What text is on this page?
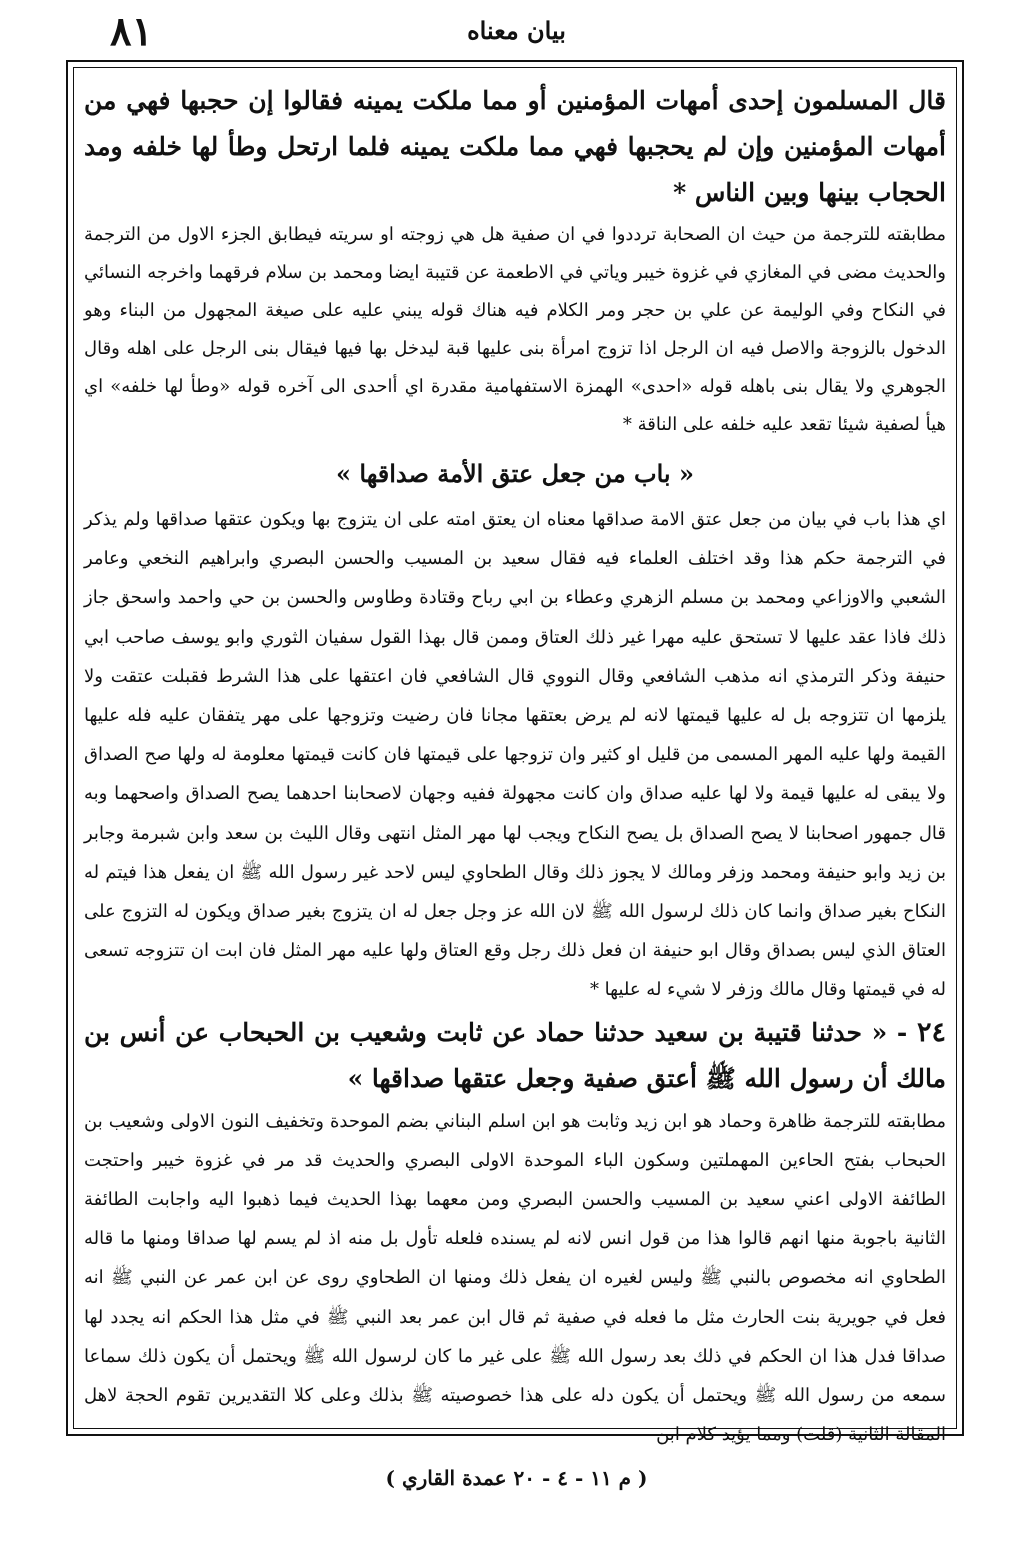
بيان معناه
٨١

قال المسلمون إحدى أمهات المؤمنين أو مما ملكت يمينه فقالوا إن حجبها فهي من أمهات المؤمنين وإن لم يحجبها فهي مما ملكت يمينه فلما ارتحل وطأ لها خلفه ومد الحجاب بينها وبين الناس *

مطابقته للترجمة من حيث ان الصحابة ترددوا في ان صفية هل هي زوجته او سريته فيطابق الجزء الاول من الترجمة والحديث مضى في المغازي في غزوة خيبر وياتي في الاطعمة عن قتيبة ايضا ومحمد بن سلام فرقهما واخرجه النسائي في النكاح وفي الوليمة عن علي بن حجر ومر الكلام فيه هناك قوله يبني عليه على صيغة المجهول من البناء وهو الدخول بالزوجة والاصل فيه ان الرجل اذا تزوج امرأة بنى عليها قبة ليدخل بها فيها فيقال بنى الرجل على اهله وقال الجوهري ولا يقال بنى باهله قوله «احدى» الهمزة الاستفهامية مقدرة اي أاحدى الى آخره قوله «وطأ لها خلفه» اي هيأ لصفية شيئا تقعد عليه خلفه على الناقة *

« باب من جعل عتق الأمة صداقها »

اي هذا باب في بيان من جعل عتق الامة صداقها معناه ان يعتق امته على ان يتزوج بها ويكون عتقها صداقها ولم يذكر في الترجمة حكم هذا وقد اختلف العلماء فيه فقال سعيد بن المسيب والحسن البصري وابراهيم النخعي وعامر الشعبي والاوزاعي ومحمد بن مسلم الزهري وعطاء بن ابي رباح وقتادة وطاوس والحسن بن حي واحمد واسحق جاز ذلك فاذا عقد عليها لا تستحق عليه مهرا غير ذلك العتاق وممن قال بهذا القول سفيان الثوري وابو يوسف صاحب ابي حنيفة وذكر الترمذي انه مذهب الشافعي وقال النووي قال الشافعي فان اعتقها على هذا الشرط فقبلت عتقت ولا يلزمها ان تتزوجه بل له عليها قيمتها لانه لم يرض بعتقها مجانا فان رضيت وتزوجها على مهر يتفقان عليه فله عليها القيمة ولها عليه المهر المسمى من قليل او كثير وان تزوجها على قيمتها فان كانت قيمتها معلومة له ولها صح الصداق ولا يبقى له عليها قيمة ولا لها عليه صداق وان كانت مجهولة ففيه وجهان لاصحابنا احدهما يصح الصداق واصحهما وبه قال جمهور اصحابنا لا يصح الصداق بل يصح النكاح ويجب لها مهر المثل انتهى وقال الليث بن سعد وابن شبرمة وجابر بن زيد وابو حنيفة ومحمد وزفر ومالك لا يجوز ذلك وقال الطحاوي ليس لاحد غير رسول الله ﷺ ان يفعل هذا فيتم له النكاح بغير صداق وانما كان ذلك لرسول الله ﷺ لان الله عز وجل جعل له ان يتزوج بغير صداق ويكون له التزوج على العتاق الذي ليس بصداق وقال ابو حنيفة ان فعل ذلك رجل وقع العتاق ولها عليه مهر المثل فان ابت ان تتزوجه تسعى له في قيمتها وقال مالك وزفر لا شيء له عليها *

٢٤ - « حدثنا قتيبة بن سعيد حدثنا حماد عن ثابت وشعيب بن الحبحاب عن أنس بن مالك أن رسول الله ﷺ أعتق صفية وجعل عتقها صداقها »

مطابقته للترجمة ظاهرة وحماد هو ابن زيد وثابت هو ابن اسلم البناني بضم الموحدة وتخفيف النون الاولى وشعيب بن الحبحاب بفتح الحاءين المهملتين وسكون الباء الموحدة الاولى البصري والحديث قد مر في غزوة خيبر واحتجت الطائفة الاولى اعني سعيد بن المسيب والحسن البصري ومن معهما بهذا الحديث فيما ذهبوا اليه واجابت الطائفة الثانية باجوبة منها انهم قالوا هذا من قول انس لانه لم يسنده فلعله تأول بل منه اذ لم يسم لها صداقا ومنها ما قاله الطحاوي انه مخصوص بالنبي ﷺ وليس لغيره ان يفعل ذلك ومنها ان الطحاوي روى عن ابن عمر عن النبي ﷺ انه فعل في جويرية بنت الحارث مثل ما فعله في صفية ثم قال ابن عمر بعد النبي ﷺ في مثل هذا الحكم انه يجدد لها صداقا فدل هذا ان الحكم في ذلك بعد رسول الله ﷺ على غير ما كان لرسول الله ﷺ ويحتمل أن يكون ذلك سماعا سمعه من رسول الله ﷺ ويحتمل أن يكون دله على هذا خصوصيته ﷺ بذلك وعلى كلا التقديرين تقوم الحجة لاهل المقالة الثانية (قلت) ومما يؤيد كلام ابن

( م ١١ - ٤ - ٢٠ عمدة القاري )
